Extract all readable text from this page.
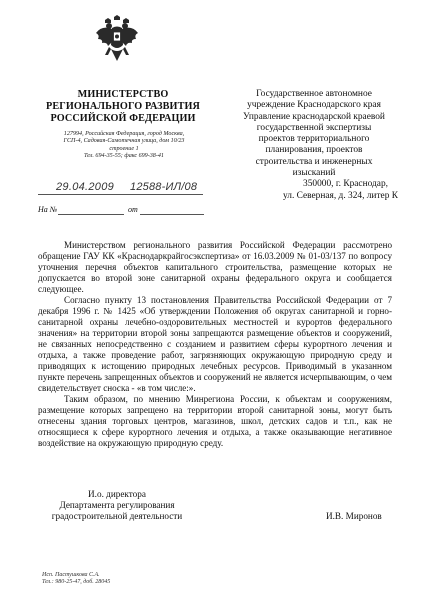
МИНИСТЕРСТВО
РЕГИОНАЛЬНОГО РАЗВИТИЯ
РОССИЙСКОЙ ФЕДЕРАЦИИ
127994, Российская Федерация, город Москва,
ГСП-4, Садовая-Самотечная улица, дом 10/23
строение 1
Тел. 694-35-55; факс 699-38-41
29.04.2009 12588-ИЛ/08
На №	от
Государственное автономное
учреждение Краснодарского края
Управление краснодарской краевой
государственной экспертизы
проектов территориального
планирования, проектов
строительства и инженерных
изысканий
350000, г. Краснодар,
ул. Северная, д. 324, литер К

Министерством регионального развития Российской Федерации рассмотрено обращение ГАУ КК «Краснодаркрайгосэкспертиза» от 16.03.2009 № 01-03/137 по вопросу уточнения перечня объектов капитального строительства, размещение которых не допускается во второй зоне санитарной охраны федерального округа и сообщается следующее.

Согласно пункту 13 постановления Правительства Российской Федерации от 7 декабря 1996 г. № 1425 «Об утверждении Положения об округах санитарной и горно-санитарной охраны лечебно-оздоровительных местностей и курортов федерального значения» на территории второй зоны запрещаются размещение объектов и сооружений, не связанных непосредственно с созданием и развитием сферы курортного лечения и отдыха, а также проведение работ, загрязняющих окружающую природную среду и приводящих к истощению природных лечебных ресурсов. Приводимый в указанном пункте перечень запрещенных объектов и сооружений не является исчерпывающим, о чем свидетельствует сноска - «в том числе:».

Таким образом, по мнению Минрегиона России, к объектам и сооружениям, размещение которых запрещено на территории второй санитарной зоны, могут быть отнесены здания торговых центров, магазинов, школ, детских садов и т.п., как не относящиеся к сфере курортного лечения и отдыха, а также оказывающие негативное воздействие на окружающую природную среду.

И.о. директора
Департамента регулирования
градостроительной деятельности	И.В. Миронов
Исп. Пастушкова С.А.
Тел.: 980-25-47, доб. 28045
